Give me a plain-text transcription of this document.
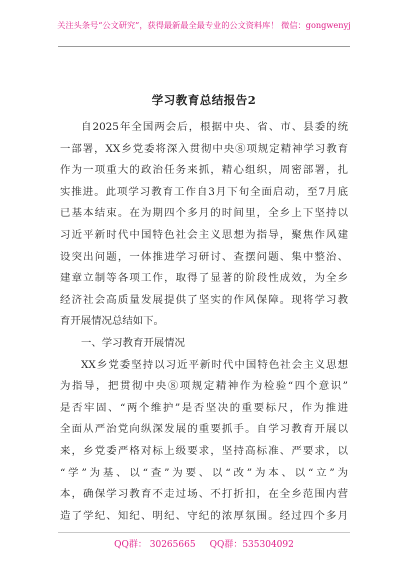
关注头条号“公文研究”，获得最新最全最专业的公文资料库！ 微信：gongwenyj
学习教育总结报告2
自2025年全国两会后，根据中央、省、市、县委的统
一部署，XX乡党委将深入贯彻中央⑧项规定精神学习教育
作为一项重大的政治任务来抓，精心组织，周密部署，扎
实推进。此项学习教育工作自3月下旬全面启动，至7月底
已基本结束。在为期四个多月的时间里，全乡上下坚持以
习近平新时代中国特色社会主义思想为指导，聚焦作风建
设突出问题，一体推进学习研讨、查摆问题、集中整治、
建章立制等各项工作，取得了显著的阶段性成效，为全乡
经济社会高质量发展提供了坚实的作风保障。现将学习教
育开展情况总结如下。
一、学习教育开展情况
XX乡党委坚持以习近平新时代中国特色社会主义思想
为指导，把贯彻中央⑧项规定精神作为检验“四个意识”
是否牢固、“两个维护”是否坚决的重要标尺，作为推进
全面从严治党向纵深发展的重要抓手。自学习教育开展以
来，乡党委严格对标上级要求，坚持高标准、严要求，以
“学”为基、以“查”为要、以“改”为本、以“立”为
本，确保学习教育不走过场、不打折扣，在全乡范围内营
造了学纪、知纪、明纪、守纪的浓厚氛围。经过四个多月
QQ群： 30265665 QQ群：535304092
